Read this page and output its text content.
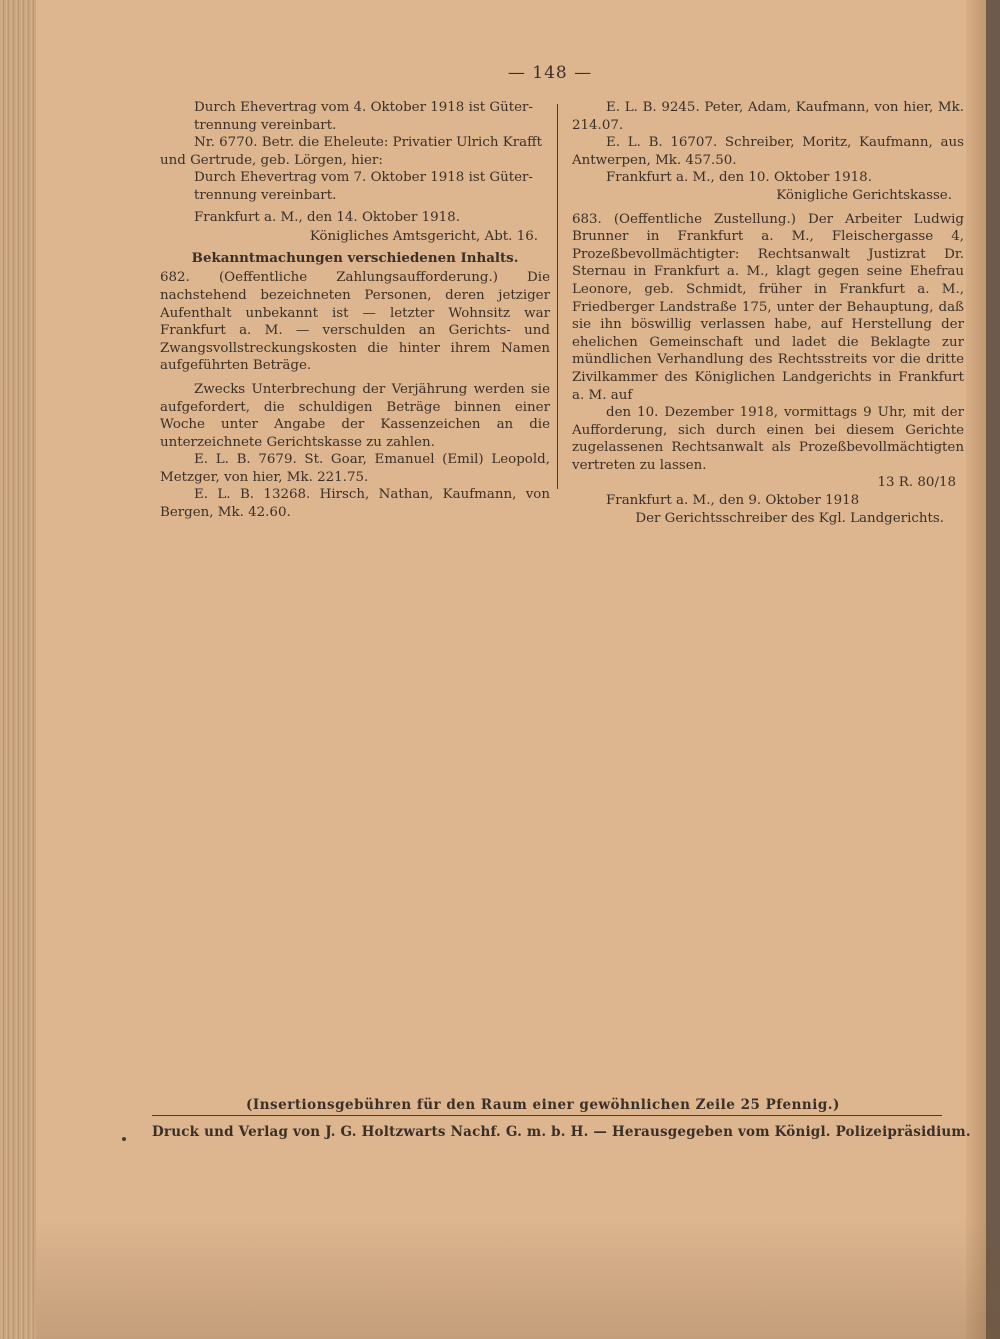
— 148 —

Durch Ehevertrag vom 4. Oktober 1918 ist Güter-

trennung vereinbart.

Nr. 6770. Betr. die Eheleute: Privatier Ulrich Krafft

und Gertrude, geb. Lörgen, hier:

Durch Ehevertrag vom 7. Oktober 1918 ist Güter-

trennung vereinbart.

Frankfurt a. M., den 14. Oktober 1918.

Königliches Amtsgericht, Abt. 16.

Bekanntmachungen verschiedenen Inhalts.

682. (Oeffentliche Zahlungsaufforderung.) Die nachstehend bezeichneten Personen, deren jetziger Aufenthalt unbekannt ist — letzter Wohnsitz war Frankfurt a. M. — verschulden an Gerichts- und Zwangsvollstreckungskosten die hinter ihrem Namen aufgeführten Beträge.

Zwecks Unterbrechung der Verjährung werden sie aufgefordert, die schuldigen Beträge binnen einer Woche unter Angabe der Kassenzeichen an die unterzeichnete Gerichtskasse zu zahlen.

E. L. B. 7679. St. Goar, Emanuel (Emil) Leopold, Metzger, von hier, Mk. 221.75.

E. L. B. 13268. Hirsch, Nathan, Kaufmann, von Bergen, Mk. 42.60.

E. L. B. 9245. Peter, Adam, Kaufmann, von hier, Mk. 214.07.

E. L. B. 16707. Schreiber, Moritz, Kaufmann, aus Antwerpen, Mk. 457.50.

Frankfurt a. M., den 10. Oktober 1918.

Königliche Gerichtskasse.

683. (Oeffentliche Zustellung.) Der Arbeiter Ludwig Brunner in Frankfurt a. M., Fleischergasse 4, Prozeßbevollmächtigter: Rechtsanwalt Justizrat Dr. Sternau in Frankfurt a. M., klagt gegen seine Ehefrau Leonore, geb. Schmidt, früher in Frankfurt a. M., Friedberger Landstraße 175, unter der Behauptung, daß sie ihn böswillig verlassen habe, auf Herstellung der ehelichen Gemeinschaft und ladet die Beklagte zur mündlichen Verhandlung des Rechtsstreits vor die dritte Zivilkammer des Königlichen Landgerichts in Frankfurt a. M. auf

den 10. Dezember 1918, vormittags 9 Uhr, mit der Aufforderung, sich durch einen bei diesem Gerichte zugelassenen Rechtsanwalt als Prozeßbevollmächtigten vertreten zu lassen.

13 R. 80/18

Frankfurt a. M., den 9. Oktober 1918

Der Gerichtsschreiber des Kgl. Landgerichts.

(Insertionsgebühren für den Raum einer gewöhnlichen Zeile 25 Pfennig.)
Druck und Verlag von J. G. Holtzwarts Nachf. G. m. b. H. — Herausgegeben vom Königl. Polizeipräsidium.
